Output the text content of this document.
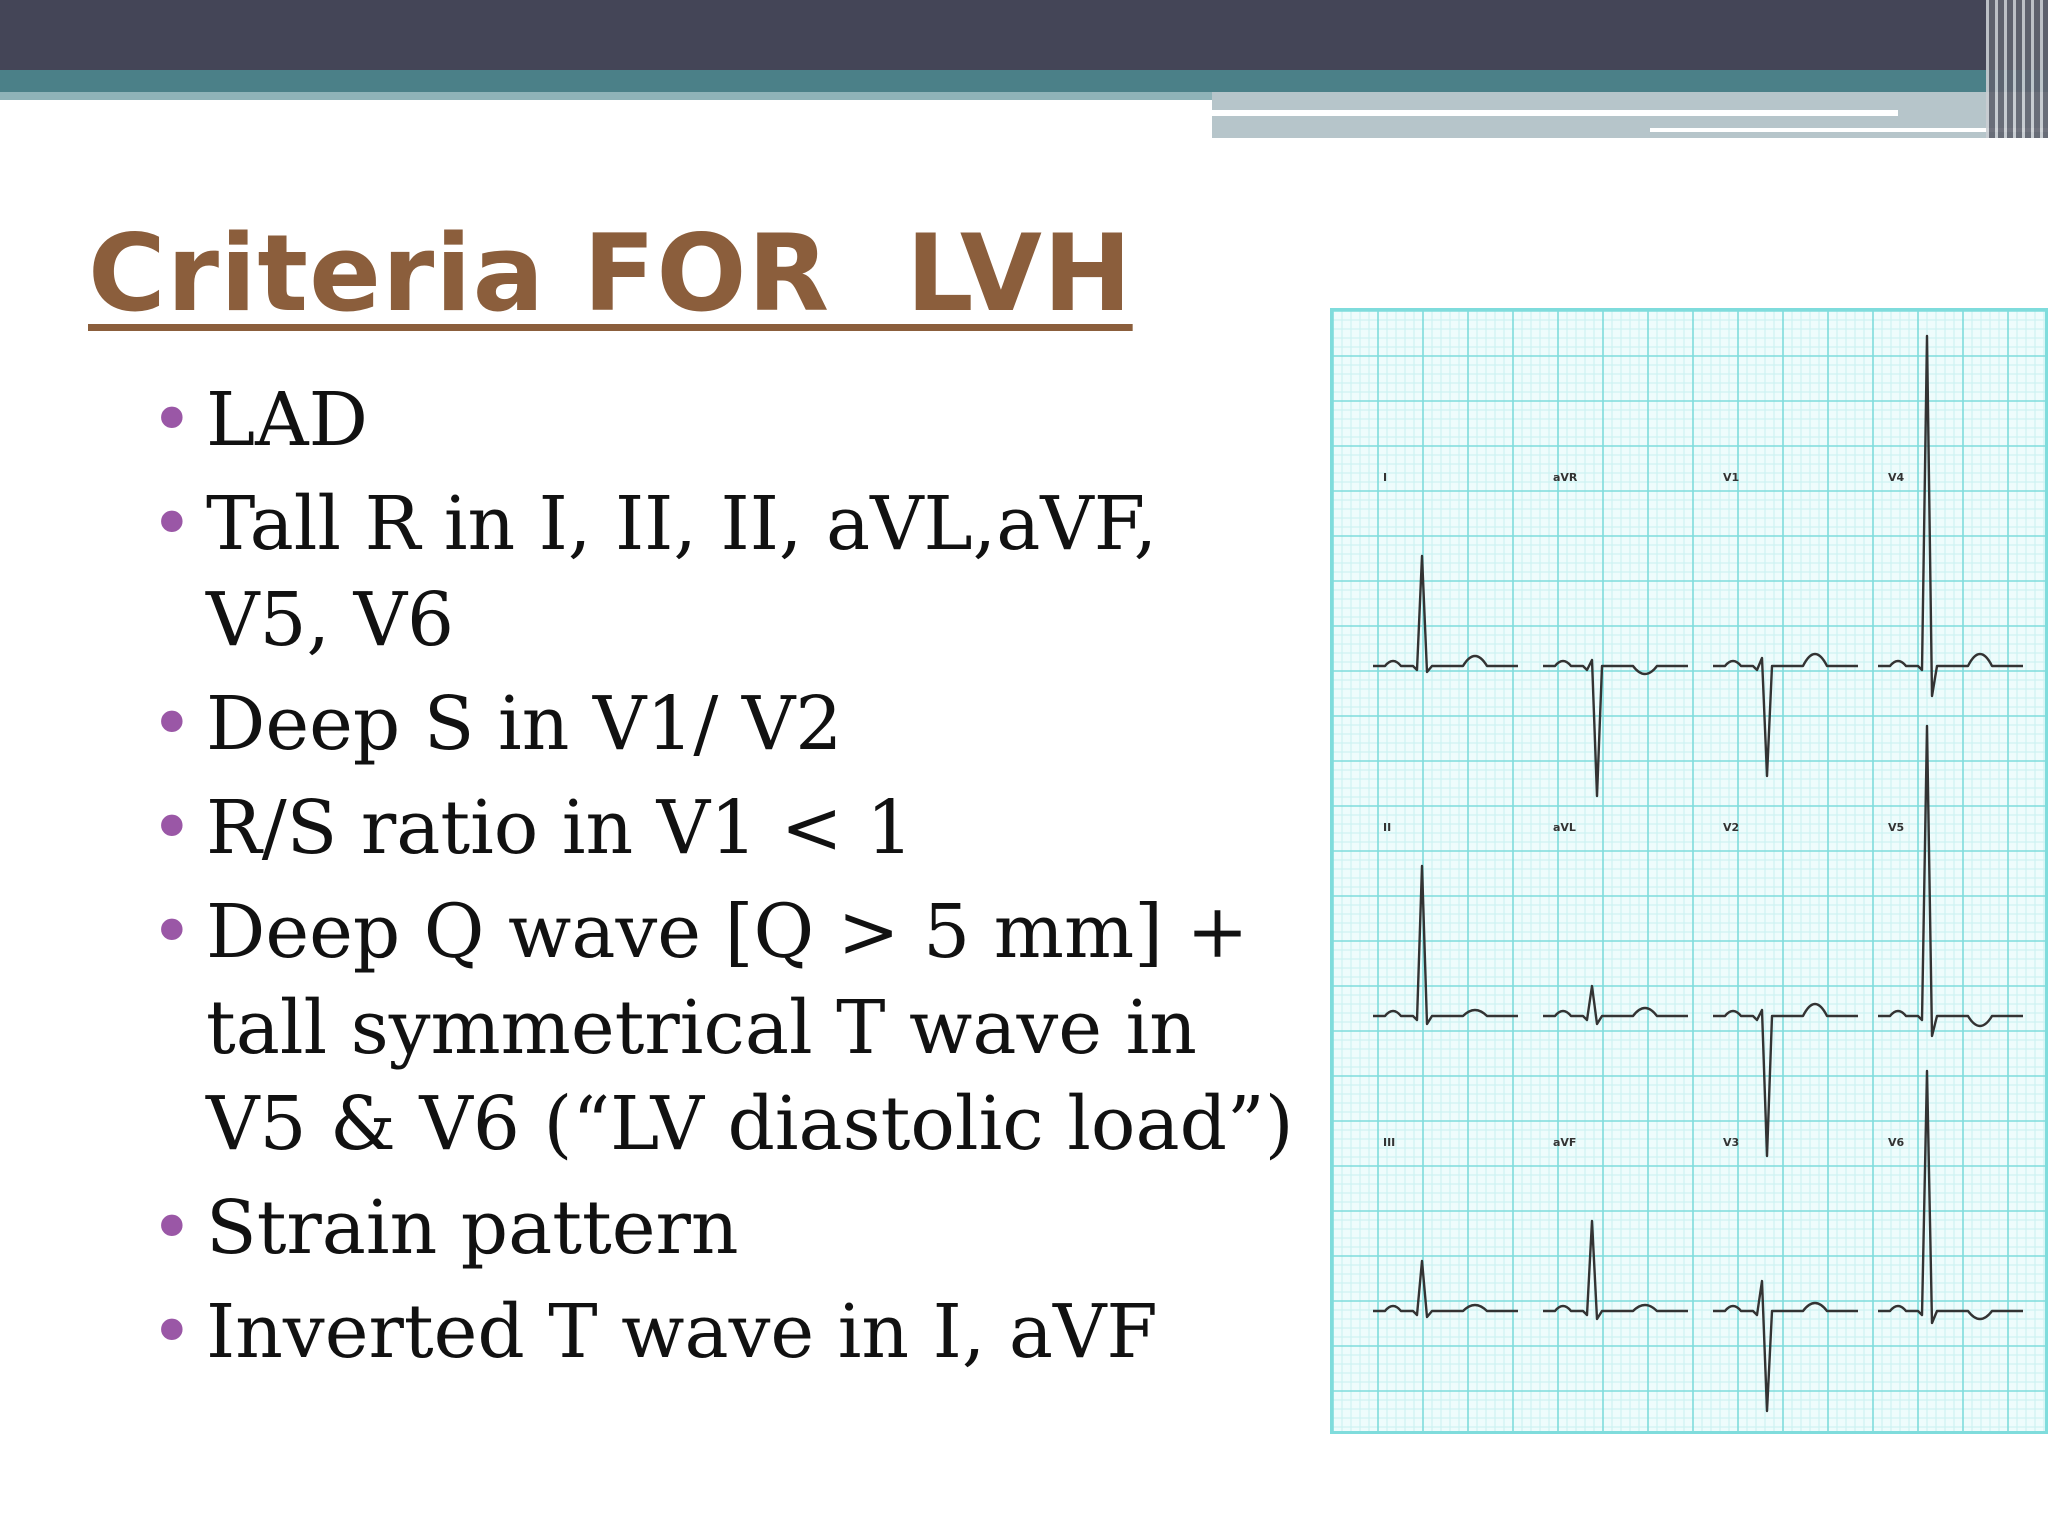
Criteria FOR  LVH
• LAD
• Tall R in I, II, II, aVL,aVF, V5, V6
• Deep S in V1/ V2
• R/S ratio in V1 < 1
• Deep Q wave [Q > 5 mm] + tall symmetrical T wave in V5 & V6 (“LV diastolic load”)
• Strain pattern
• Inverted T wave in I, aVF
I	aVR	V1	V4
II	aVL	V2	V5
III	aVF	V3	V6
